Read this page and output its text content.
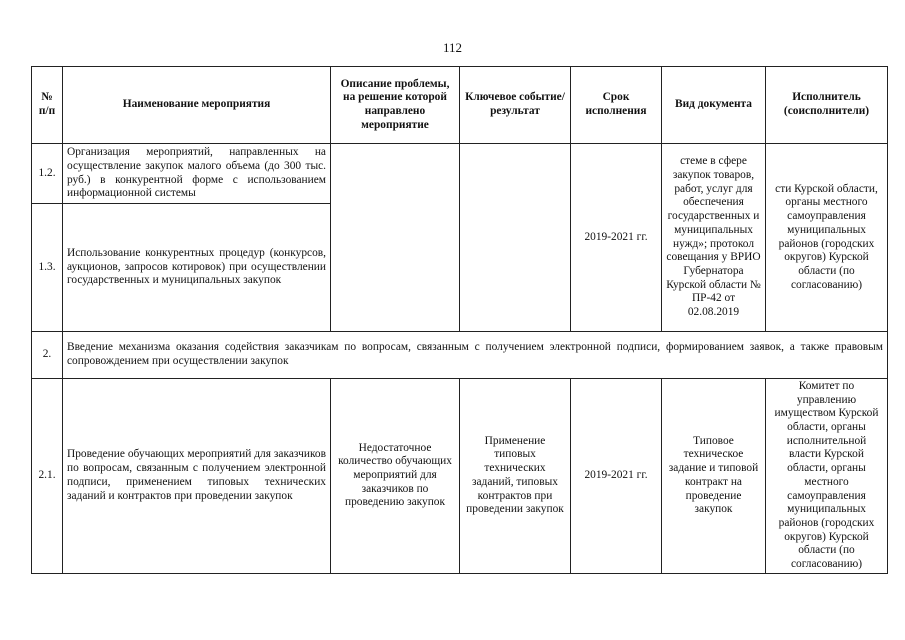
112
№ п/п	Наименование мероприятия	Описание проблемы, на решение которой направлено мероприятие	Ключевое событие/ результат	Срок исполнения	Вид документа	Исполнитель (соисполнители)
1.2.	Организация мероприятий, направленных на осуществление закупок малого объема (до 300 тыс. руб.) в конкурентной форме с использованием информационной системы			2019-2021 гг.	стеме в сфере закупок товаров, работ, услуг для обеспечения государственных и муниципальных нужд»; протокол совещания у ВРИО Губернатора Курской области № ПР-42 от 02.08.2019	сти Курской области, органы местного самоуправления муниципальных районов (городских округов) Курской области (по согласованию)
1.3.	Использование конкурентных процедур (конкурсов, аукционов, запросов котировок) при осуществлении государственных и муниципальных закупок					
2.	Введение механизма оказания содействия заказчикам по вопросам, связанным с получением электронной подписи, формированием заявок, а также правовым сопровождением при осуществлении закупок					
2.1.	Проведение обучающих мероприятий для заказчиков по вопросам, связанным с получением электронной подписи, применением типовых технических заданий и контрактов при проведении закупок	Недостаточное количество обучающих мероприятий для заказчиков по проведению закупок	Применение типовых технических заданий, типовых контрактов при проведении закупок	2019-2021 гг.	Типовое техническое задание и типовой контракт на проведение закупок	Комитет по управлению имуществом Курской области, органы исполнительной власти Курской области, органы местного самоуправления муниципальных районов (городских округов) Курской области (по согласованию)
